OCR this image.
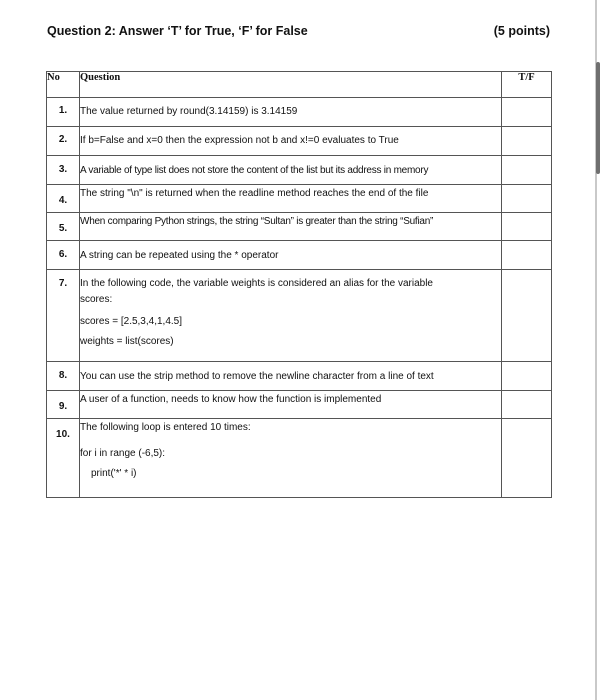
Question 2: Answer ‘T’ for True, ‘F’ for False	(5 points)
No	Question	T/F
1.	The value returned by round(3.14159) is 3.14159	

2.	If b=False and x=0 then the expression not b and x!=0 evaluates to True	

3.	A variable of type list does not store the content of the list but its address in memory	

4.	The string "\n" is returned when the readline method reaches the end of the file	

5.	When comparing Python strings, the string “Sultan” is greater than the string “Sufian”	

6.	A string can be repeated using the * operator	

7.	In the following code, the variable weights is considered an alias for the variable
scores:
scores = [2.5,3,4,1,4.5]
weights = list(scores)	

8.	You can use the strip method to remove the newline character from a line of text	

9.	A user of a function, needs to know how the function is implemented	

10.	The following loop is entered 10 times:
for i in range (-6,5):
print('*' * i)	
